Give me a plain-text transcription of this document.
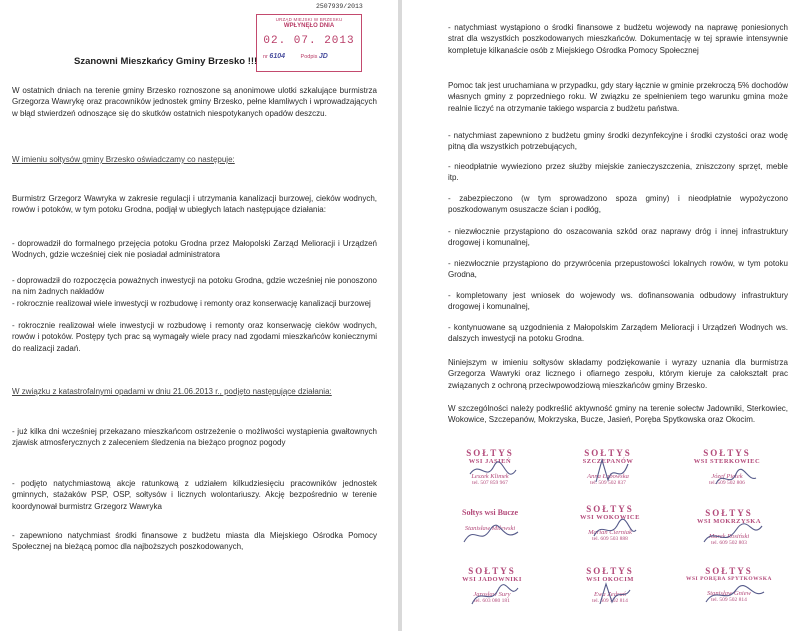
2507939/2013
URZĄD MIEJSKI W BRZESKU
WPŁYNĘŁO DNIA
02. 07. 2013
nr 6104	Podpis JD
Szanowni Mieszkańcy Gminy Brzesko !!!
W ostatnich dniach na terenie gminy Brzesko roznoszone są anonimowe ulotki szkalujące burmistrza Grzegorza Wawrykę oraz pracowników jednostek gminy Brzesko, pełne kłamliwych i wprowadzających w błąd stwierdzeń odnoszące się do skutków ostatnich niespotykanych opadów deszczu.
W imieniu sołtysów gminy Brzesko oświadczamy co następuje:
Burmistrz Grzegorz Wawryka w zakresie regulacji i utrzymania kanalizacji burzowej, cieków wodnych, rowów i potoków, w tym potoku Grodna, podjął w ubiegłych latach następujące działania:
- doprowadził do formalnego przejęcia potoku Grodna przez Małopolski Zarząd Melioracji i Urządzeń Wodnych, gdzie wcześniej ciek nie posiadał administratora
- doprowadził do rozpoczęcia poważnych inwestycji na potoku Grodna, gdzie wcześniej nie ponoszono na nim żadnych nakładów
- rokrocznie realizował wiele inwestycji w rozbudowę i remonty oraz konserwację kanalizacji burzowej
- rokrocznie realizował wiele inwestycji w rozbudowę i remonty oraz konserwację cieków wodnych, rowów i potoków. Postępy tych prac są wymagały wiele pracy nad zgodami mieszkańców koniecznymi do realizacji zadań.
W związku z katastrofalnymi opadami w dniu 21.06.2013 r., podjęto następujące działania:
- już kilka dni wcześniej przekazano mieszkańcom ostrzeżenie o możliwości wystąpienia gwałtownych zjawisk atmosferycznych z zaleceniem śledzenia na bieżąco prognoz pogody
- podjęto natychmiastową akcje ratunkową z udziałem kilkudziesięciu pracowników jednostek gminnych, stażaków PSP, OSP, sołtysów i licznych wolontariuszy. Akcję bezpośrednio w terenie koordynował burmistrz Grzegorz Wawryka
- zapewniono natychmiast środki finansowe z budżetu miasta dla Miejskiego Ośrodka Pomocy Społecznej na bieżącą pomoc dla najboższych poszkodowanych,
- natychmiast wystąpiono o środki finansowe z budżetu wojewody na naprawę poniesionych strat dla wszystkich poszkodowanych mieszkańców. Dokumentację w tej sprawie intensywnie kompletuje kilkanaście osób z Miejskiego Ośrodka Pomocy Społecznej
Pomoc tak jest uruchamiana w przypadku, gdy stary łącznie w gminie przekroczą 5% dochodów własnych gminy z poprzedniego roku. W związku ze spełnieniem tego warunku gmina może realnie liczyć na otrzymanie takiego wsparcia z budżetu państwa.
- natychmiast zapewniono z budżetu gminy środki dezynfekcyjne i środki czystości oraz wodę pitną dla wszystkich potrzebujących,
- nieodpłatnie wywieziono przez służby miejskie zanieczyszczenia, zniszczony sprzęt, meble itp.
- zabezpieczono (w tym sprowadzono spoza gminy) i nieodpłatnie wypożyczono poszkodowanym osuszacze ścian i podłóg,
- niezwłocznie przystąpiono do oszacowania szkód oraz naprawy dróg i innej infrastruktury drogowej i komunalnej,
- niezwłocznie przystąpiono do przywrócenia przepustowości lokalnych rowów, w tym potoku Grodna,
- kompletowany jest wniosek do wojewody ws. dofinansowania odbudowy infrastruktury drogowej i komunalnej,
- kontynuowane są uzgodnienia z Małopolskim Zarządem Melioracji i Urządzeń Wodnych ws. dalszych inwestycji na potoku Grodna.
Niniejszym w imieniu sołtysów składamy podziękowanie i wyrazy uznania dla burmistrza Grzegorza Wawryki oraz licznego i ofiarnego zespołu, którym kieruje za całokształt prac związanych z ochroną przeciwpowodziową mieszkańców gminy Brzesko.
W szczególności należy podkreślić aktywność gminy na terenie sołectw Jadowniki, Sterkowiec, Wokowice, Szczepanów, Mokrzyska, Bucze, Jasień, Poręba Spytkowska oraz Okocim.
SOŁTYS
WSI JASIEŃ
Leszek Klimek
tel. 507 859 967
SOŁTYS
SZCZEPANÓW
Anna Łabowska
tel. 509 502 837
SOŁTYS
WSI STERKOWIEC
Józef Pietek
tel. 509 502 806
Sołtys wsi Bucze
Stanisław Milewski
SOŁTYS
WSI WOKOWICE
Marian Cierniak
tel. 609 503 888
SOŁTYS
WSI MOKRZYSKA
Marek Rosiński
tel. 609 502 803
SOŁTYS
WSI JADOWNIKI
Jarosław Sury
tel. 603 080 181
SOŁTYS
WSI OKOCIM
Ewa Zedrań
tel. 609 502 814
SOŁTYS
WSI PORĘBA SPYTKOWSKA
Stanisław Gniew
tel. 509 502 814
